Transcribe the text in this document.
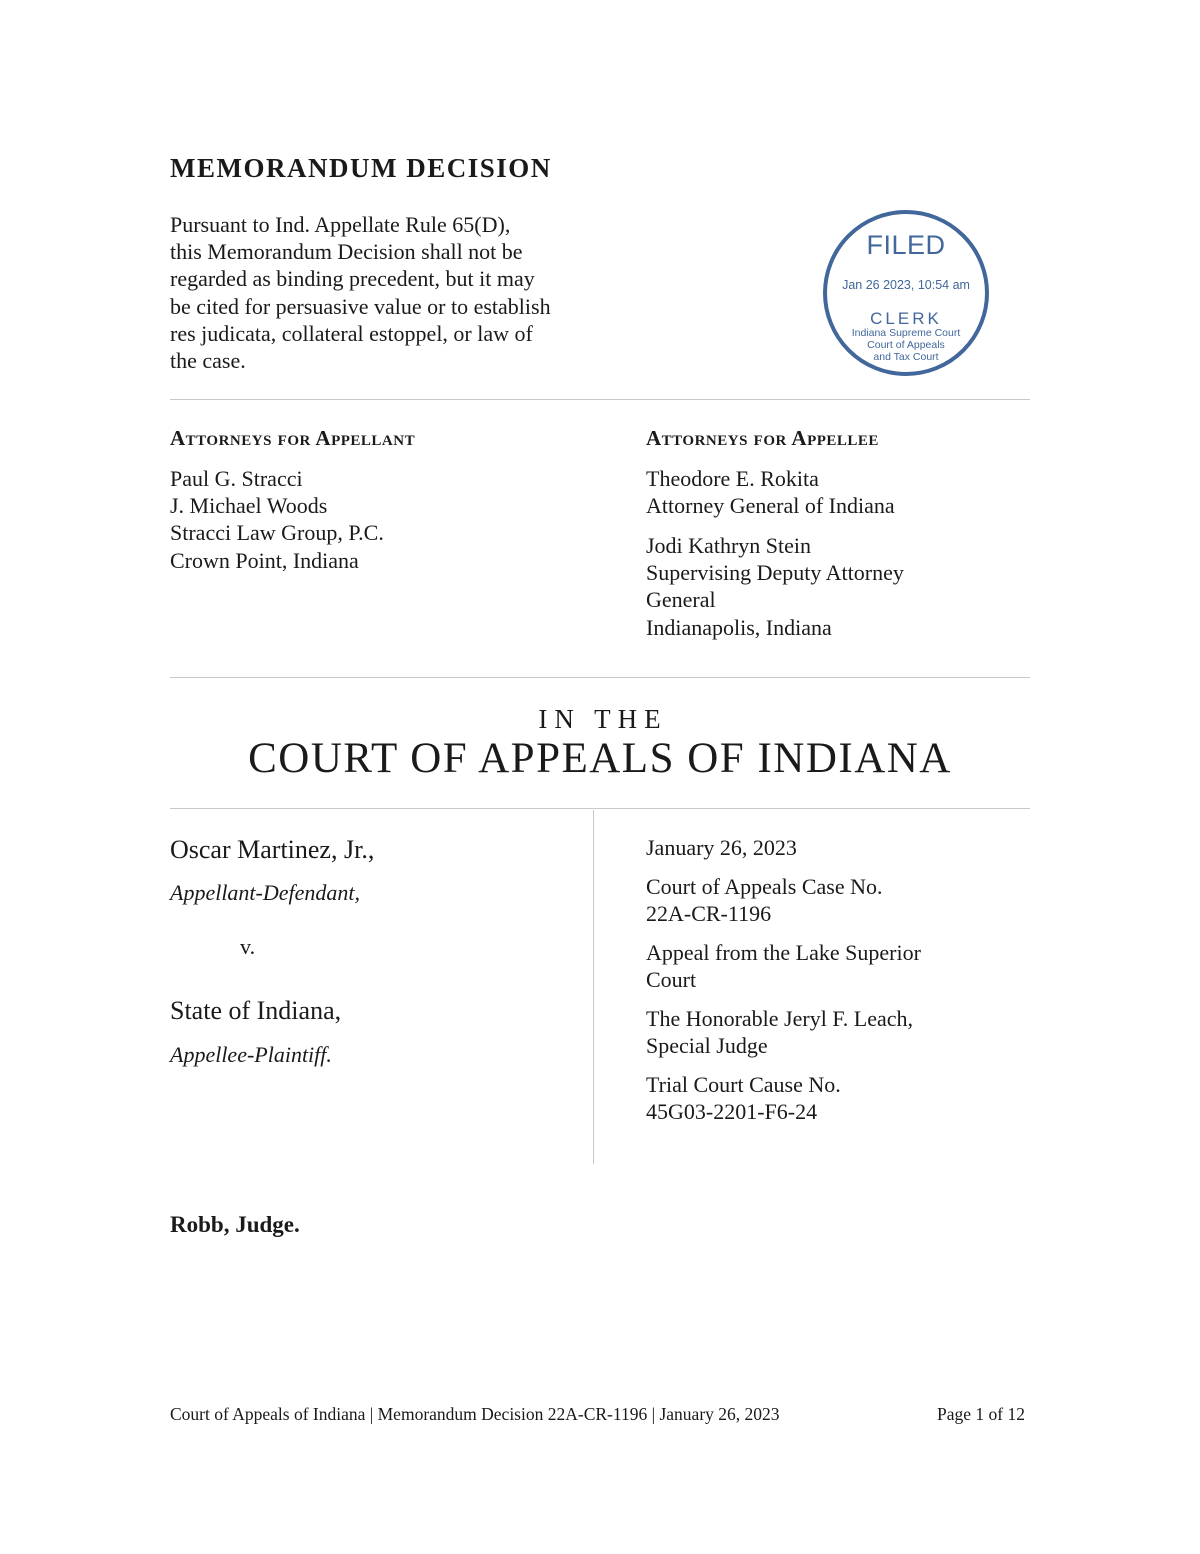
MEMORANDUM DECISION
Pursuant to Ind. Appellate Rule 65(D),
this Memorandum Decision shall not be
regarded as binding precedent, but it may
be cited for persuasive value or to establish
res judicata, collateral estoppel, or law of
the case.
FILED
Jan 26 2023, 10:54 am
CLERK
Indiana Supreme Court
Court of Appeals
and Tax Court
Attorneys for Appellant
Paul G. Stracci
J. Michael Woods
Stracci Law Group, P.C.
Crown Point, Indiana
Attorneys for Appellee
Theodore E. Rokita
Attorney General of Indiana
Jodi Kathryn Stein
Supervising Deputy Attorney
General
Indianapolis, Indiana
IN THE
COURT OF APPEALS OF INDIANA
Oscar Martinez, Jr.,
Appellant-Defendant,
v.
State of Indiana,
Appellee-Plaintiff.
January 26, 2023
Court of Appeals Case No.
22A-CR-1196
Appeal from the Lake Superior
Court
The Honorable Jeryl F. Leach,
Special Judge
Trial Court Cause No.
45G03-2201-F6-24
Robb, Judge.
Court of Appeals of Indiana | Memorandum Decision 22A-CR-1196 | January 26, 2023	Page 1 of 12
